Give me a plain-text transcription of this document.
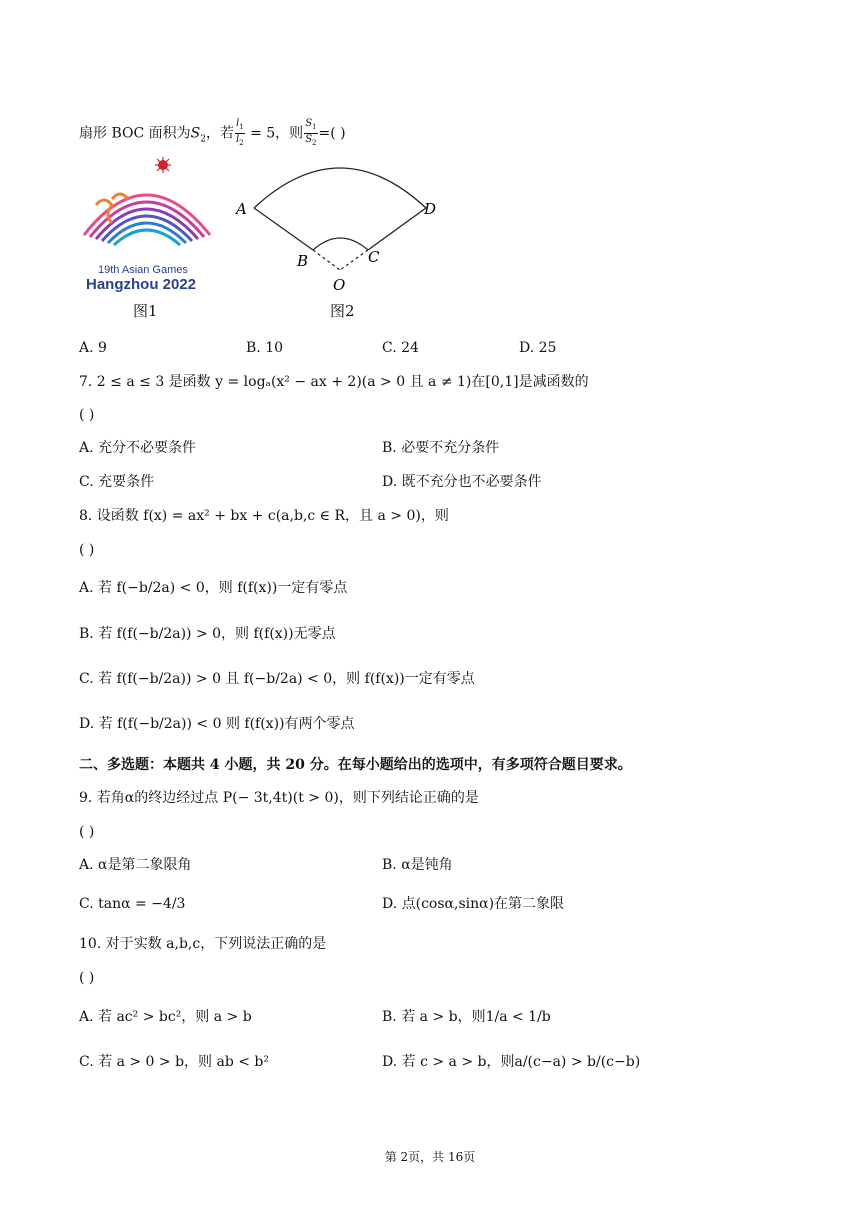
扇形 BOC 面积为$S_2$，若 $\frac{l_1}{l_2} = 5$，则 $\frac{S_1}{S_2}$ =( )
19th Asian Games
Hangzhou 2022
图1
A	D
B	C
O
图2
A. 9	B. 10	C. 24	D. 25
7. 2 ≤ a ≤ 3 是函数 y = logₐ(x² − ax + 2)(a > 0 且 a ≠ 1)在[0,1]是减函数的
( )
A. 充分不必要条件	B. 必要不充分条件
C. 充要条件	D. 既不充分也不必要条件
8. 设函数 f(x) = ax² + bx + c(a,b,c ∈ R，且 a > 0)，则
( )
A. 若 f(−b/2a) < 0，则 f(f(x))一定有零点
B. 若 f(f(−b/2a)) > 0，则 f(f(x))无零点
C. 若 f(f(−b/2a)) > 0 且 f(−b/2a) < 0，则 f(f(x))一定有零点
D. 若 f(f(−b/2a)) < 0 则 f(f(x))有两个零点
二、多选题：本题共 4 小题，共 20 分。在每小题给出的选项中，有多项符合题目要求。
9. 若角α的终边经过点 P(− 3t,4t)(t > 0)，则下列结论正确的是
( )
A. α是第二象限角	B. α是钝角
C. tanα = −4/3	D. 点(cosα,sinα)在第二象限
10. 对于实数 a,b,c，下列说法正确的是
( )
A. 若 ac² > bc²，则 a > b	B. 若 a > b，则1/a < 1/b
C. 若 a > 0 > b，则 ab < b²	D. 若 c > a > b，则a/(c−a) > b/(c−b)
第 2页，共 16页
